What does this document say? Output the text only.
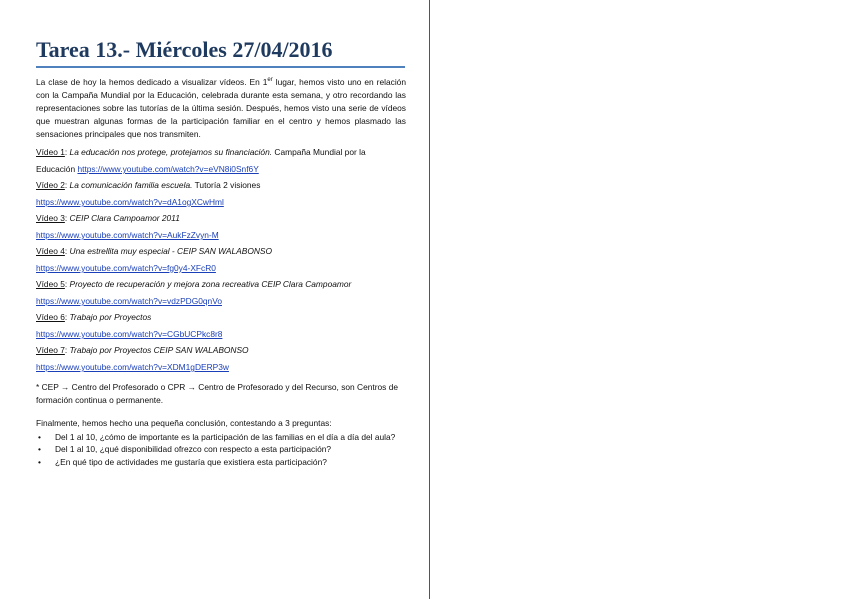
Tarea 13.- Miércoles 27/04/2016

La clase de hoy la hemos dedicado a visualizar vídeos. En 1er lugar, hemos visto uno en relación con la Campaña Mundial por la Educación, celebrada durante esta semana, y otro recordando las representaciones sobre las tutorías de la última sesión. Después, hemos visto una serie de vídeos que muestran algunas formas de la participación familiar en el centro y hemos plasmado las sensaciones principales que nos transmiten.

Vídeo 1: La educación nos protege, protejamos su financiación. Campaña Mundial por la Educación https://www.youtube.com/watch?v=eVN8i0Snf6Y

Vídeo 2: La comunicación familia escuela. Tutoría 2 visiones
https://www.youtube.com/watch?v=dA1ogXCwHml

Vídeo 3: CEIP Clara Campoamor 2011
https://www.youtube.com/watch?v=AukFzZvyn-M

Vídeo 4: Una estrellita muy especial - CEIP SAN WALABONSO
https://www.youtube.com/watch?v=fg0y4-XFcR0

Vídeo 5: Proyecto de recuperación y mejora zona recreativa CEIP Clara Campoamor  https://www.youtube.com/watch?v=vdzPDG0qnVo

Vídeo 6: Trabajo por Proyectos
https://www.youtube.com/watch?v=CGbUCPkc8r8

Vídeo 7: Trabajo por Proyectos CEIP SAN WALABONSO
https://www.youtube.com/watch?v=XDM1gDERP3w

* CEP → Centro del Profesorado o CPR → Centro de Profesorado y del Recurso, son Centros de formación continua o permanente.

Finalmente, hemos hecho una pequeña conclusión, contestando a 3 preguntas:

• Del 1 al 10, ¿cómo de importante es la participación de las familias en el día a día del aula?
• Del 1 al 10, ¿qué disponibilidad ofrezco con respecto a esta participación?
• ¿En qué tipo de actividades me gustaría que existiera esta participación?
